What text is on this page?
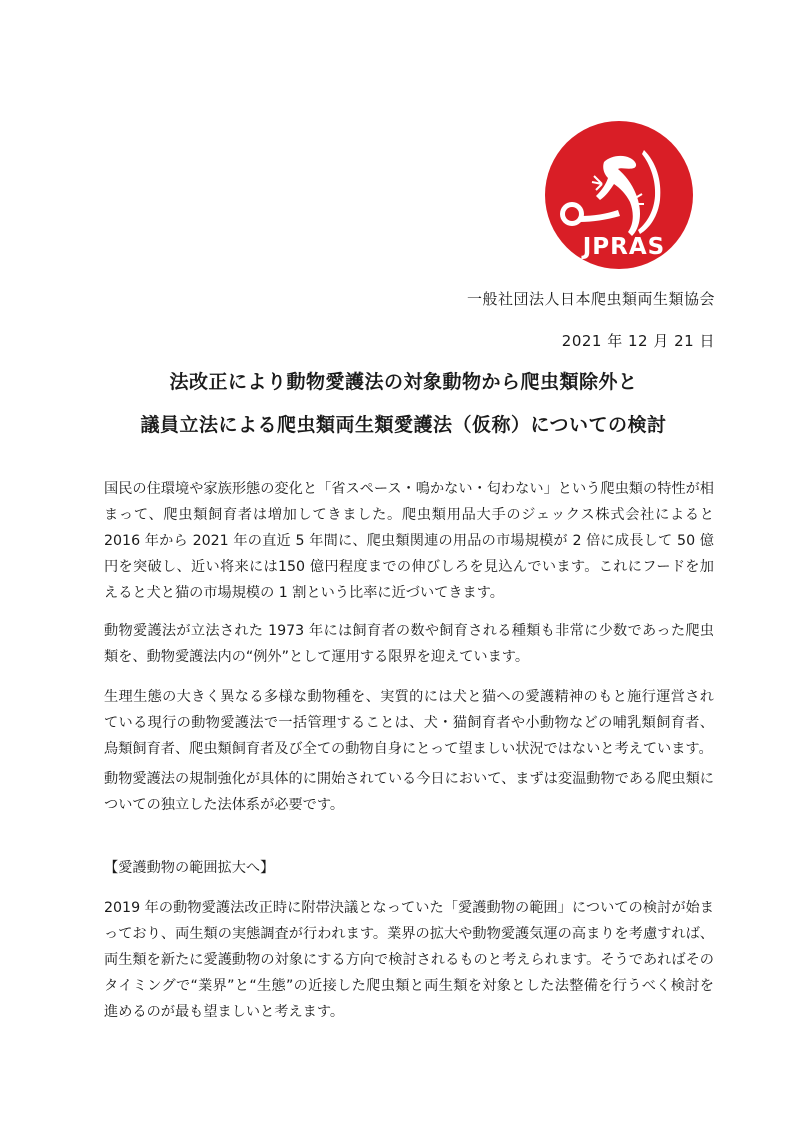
JPRAS
一般社団法人日本爬虫類両生類協会
2021 年 12 月 21 日
法改正により動物愛護法の対象動物から爬虫類除外と
議員立法による爬虫類両生類愛護法（仮称）についての検討

国民の住環境や家族形態の変化と「省スペース・鳴かない・匂わない」という爬虫類の特性が相まって、爬虫類飼育者は増加してきました。爬虫類用品大手のジェックス株式会社によると 2016 年から 2021 年の直近 5 年間に、爬虫類関連の用品の市場規模が 2 倍に成長して 50 億円を突破し、近い将来には150 億円程度までの伸びしろを見込んでいます。これにフードを加えると犬と猫の市場規模の 1 割という比率に近づいてきます。

動物愛護法が立法された 1973 年には飼育者の数や飼育される種類も非常に少数であった爬虫類を、動物愛護法内の“例外”として運用する限界を迎えています。

生理生態の大きく異なる多様な動物種を、実質的には犬と猫への愛護精神のもと施行運営されている現行の動物愛護法で一括管理することは、犬・猫飼育者や小動物などの哺乳類飼育者、鳥類飼育者、爬虫類飼育者及び全ての動物自身にとって望ましい状況ではないと考えています。

動物愛護法の規制強化が具体的に開始されている今日において、まずは変温動物である爬虫類についての独立した法体系が必要です。

【愛護動物の範囲拡大へ】

2019 年の動物愛護法改正時に附帯決議となっていた「愛護動物の範囲」についての検討が始まっており、両生類の実態調査が行われます。業界の拡大や動物愛護気運の高まりを考慮すれば、両生類を新たに愛護動物の対象にする方向で検討されるものと考えられます。そうであればそのタイミングで“業界”と“生態”の近接した爬虫類と両生類を対象とした法整備を行うべく検討を進めるのが最も望ましいと考えます。
